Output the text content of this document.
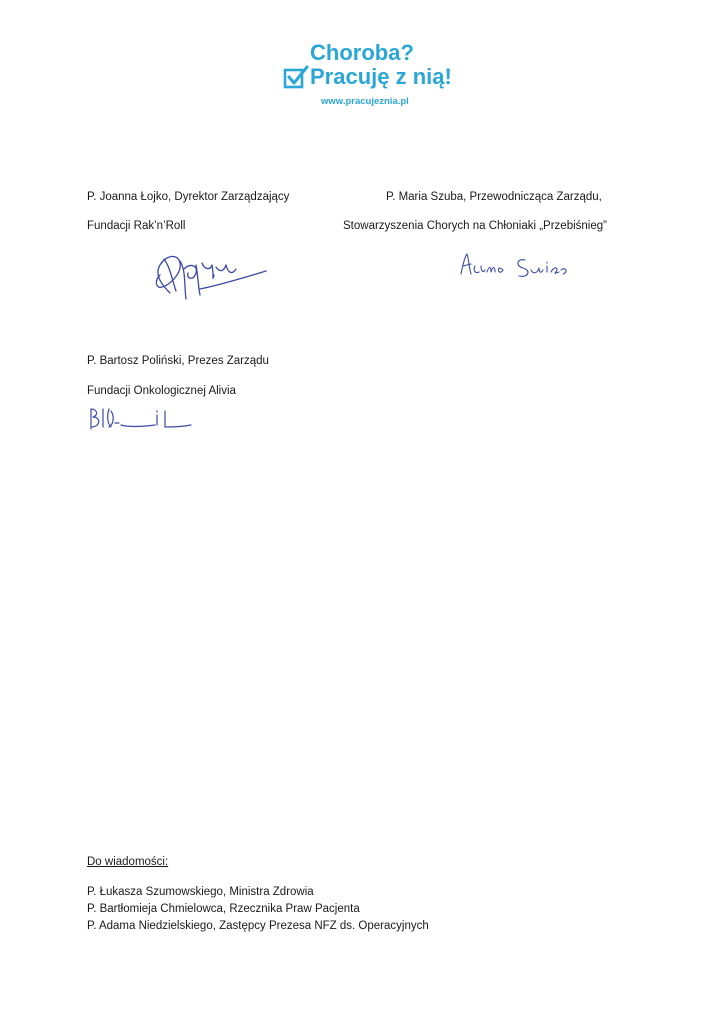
Choroba?
Pracuję z nią!
www.pracujeznia.pl
P. Joanna Łojko, Dyrektor Zarządzający
Fundacji Rak’n’Roll
P. Maria Szuba, Przewodnicząca Zarządu,
Stowarzyszenia Chorych na Chłoniaki „Przebiśnieg”
P. Bartosz Poliński, Prezes Zarządu
Fundacji Onkologicznej Alivia
Do wiadomości:
P. Łukasza Szumowskiego, Ministra Zdrowia
P. Bartłomieja Chmielowca, Rzecznika Praw Pacjenta
P. Adama Niedzielskiego, Zastępcy Prezesa NFZ ds. Operacyjnych
